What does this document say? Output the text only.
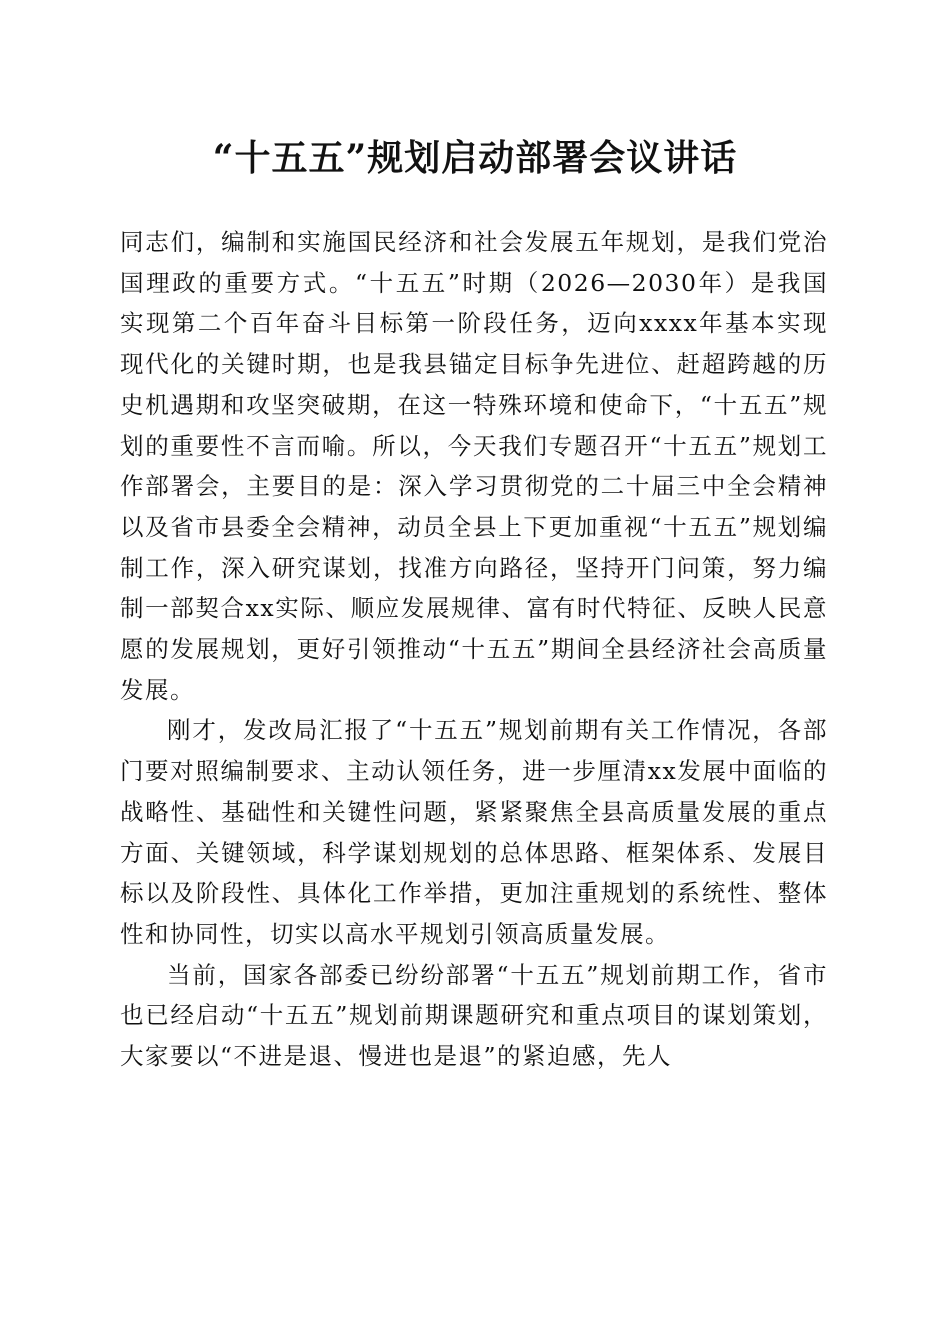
“十五五”规划启动部署会议讲话

同志们，编制和实施国民经济和社会发展五年规划，是我们党治国理政的重要方式。“十五五”时期（2026—2030年）是我国实现第二个百年奋斗目标第一阶段任务，迈向xxxx年基本实现现代化的关键时期，也是我县锚定目标争先进位、赶超跨越的历史机遇期和攻坚突破期，在这一特殊环境和使命下，“十五五”规划的重要性不言而喻。所以，今天我们专题召开“十五五”规划工作部署会，主要目的是：深入学习贯彻党的二十届三中全会精神以及省市县委全会精神，动员全县上下更加重视“十五五”规划编制工作，深入研究谋划，找准方向路径，坚持开门问策，努力编制一部契合xx实际、顺应发展规律、富有时代特征、反映人民意愿的发展规划，更好引领推动“十五五”期间全县经济社会高质量发展。

刚才，发改局汇报了“十五五”规划前期有关工作情况，各部门要对照编制要求、主动认领任务，进一步厘清xx发展中面临的战略性、基础性和关键性问题，紧紧聚焦全县高质量发展的重点方面、关键领域，科学谋划规划的总体思路、框架体系、发展目标以及阶段性、具体化工作举措，更加注重规划的系统性、整体性和协同性，切实以高水平规划引领高质量发展。

当前，国家各部委已纷纷部署“十五五”规划前期工作，省市也已经启动“十五五”规划前期课题研究和重点项目的谋划策划，大家要以“不进是退、慢进也是退”的紧迫感，先人
